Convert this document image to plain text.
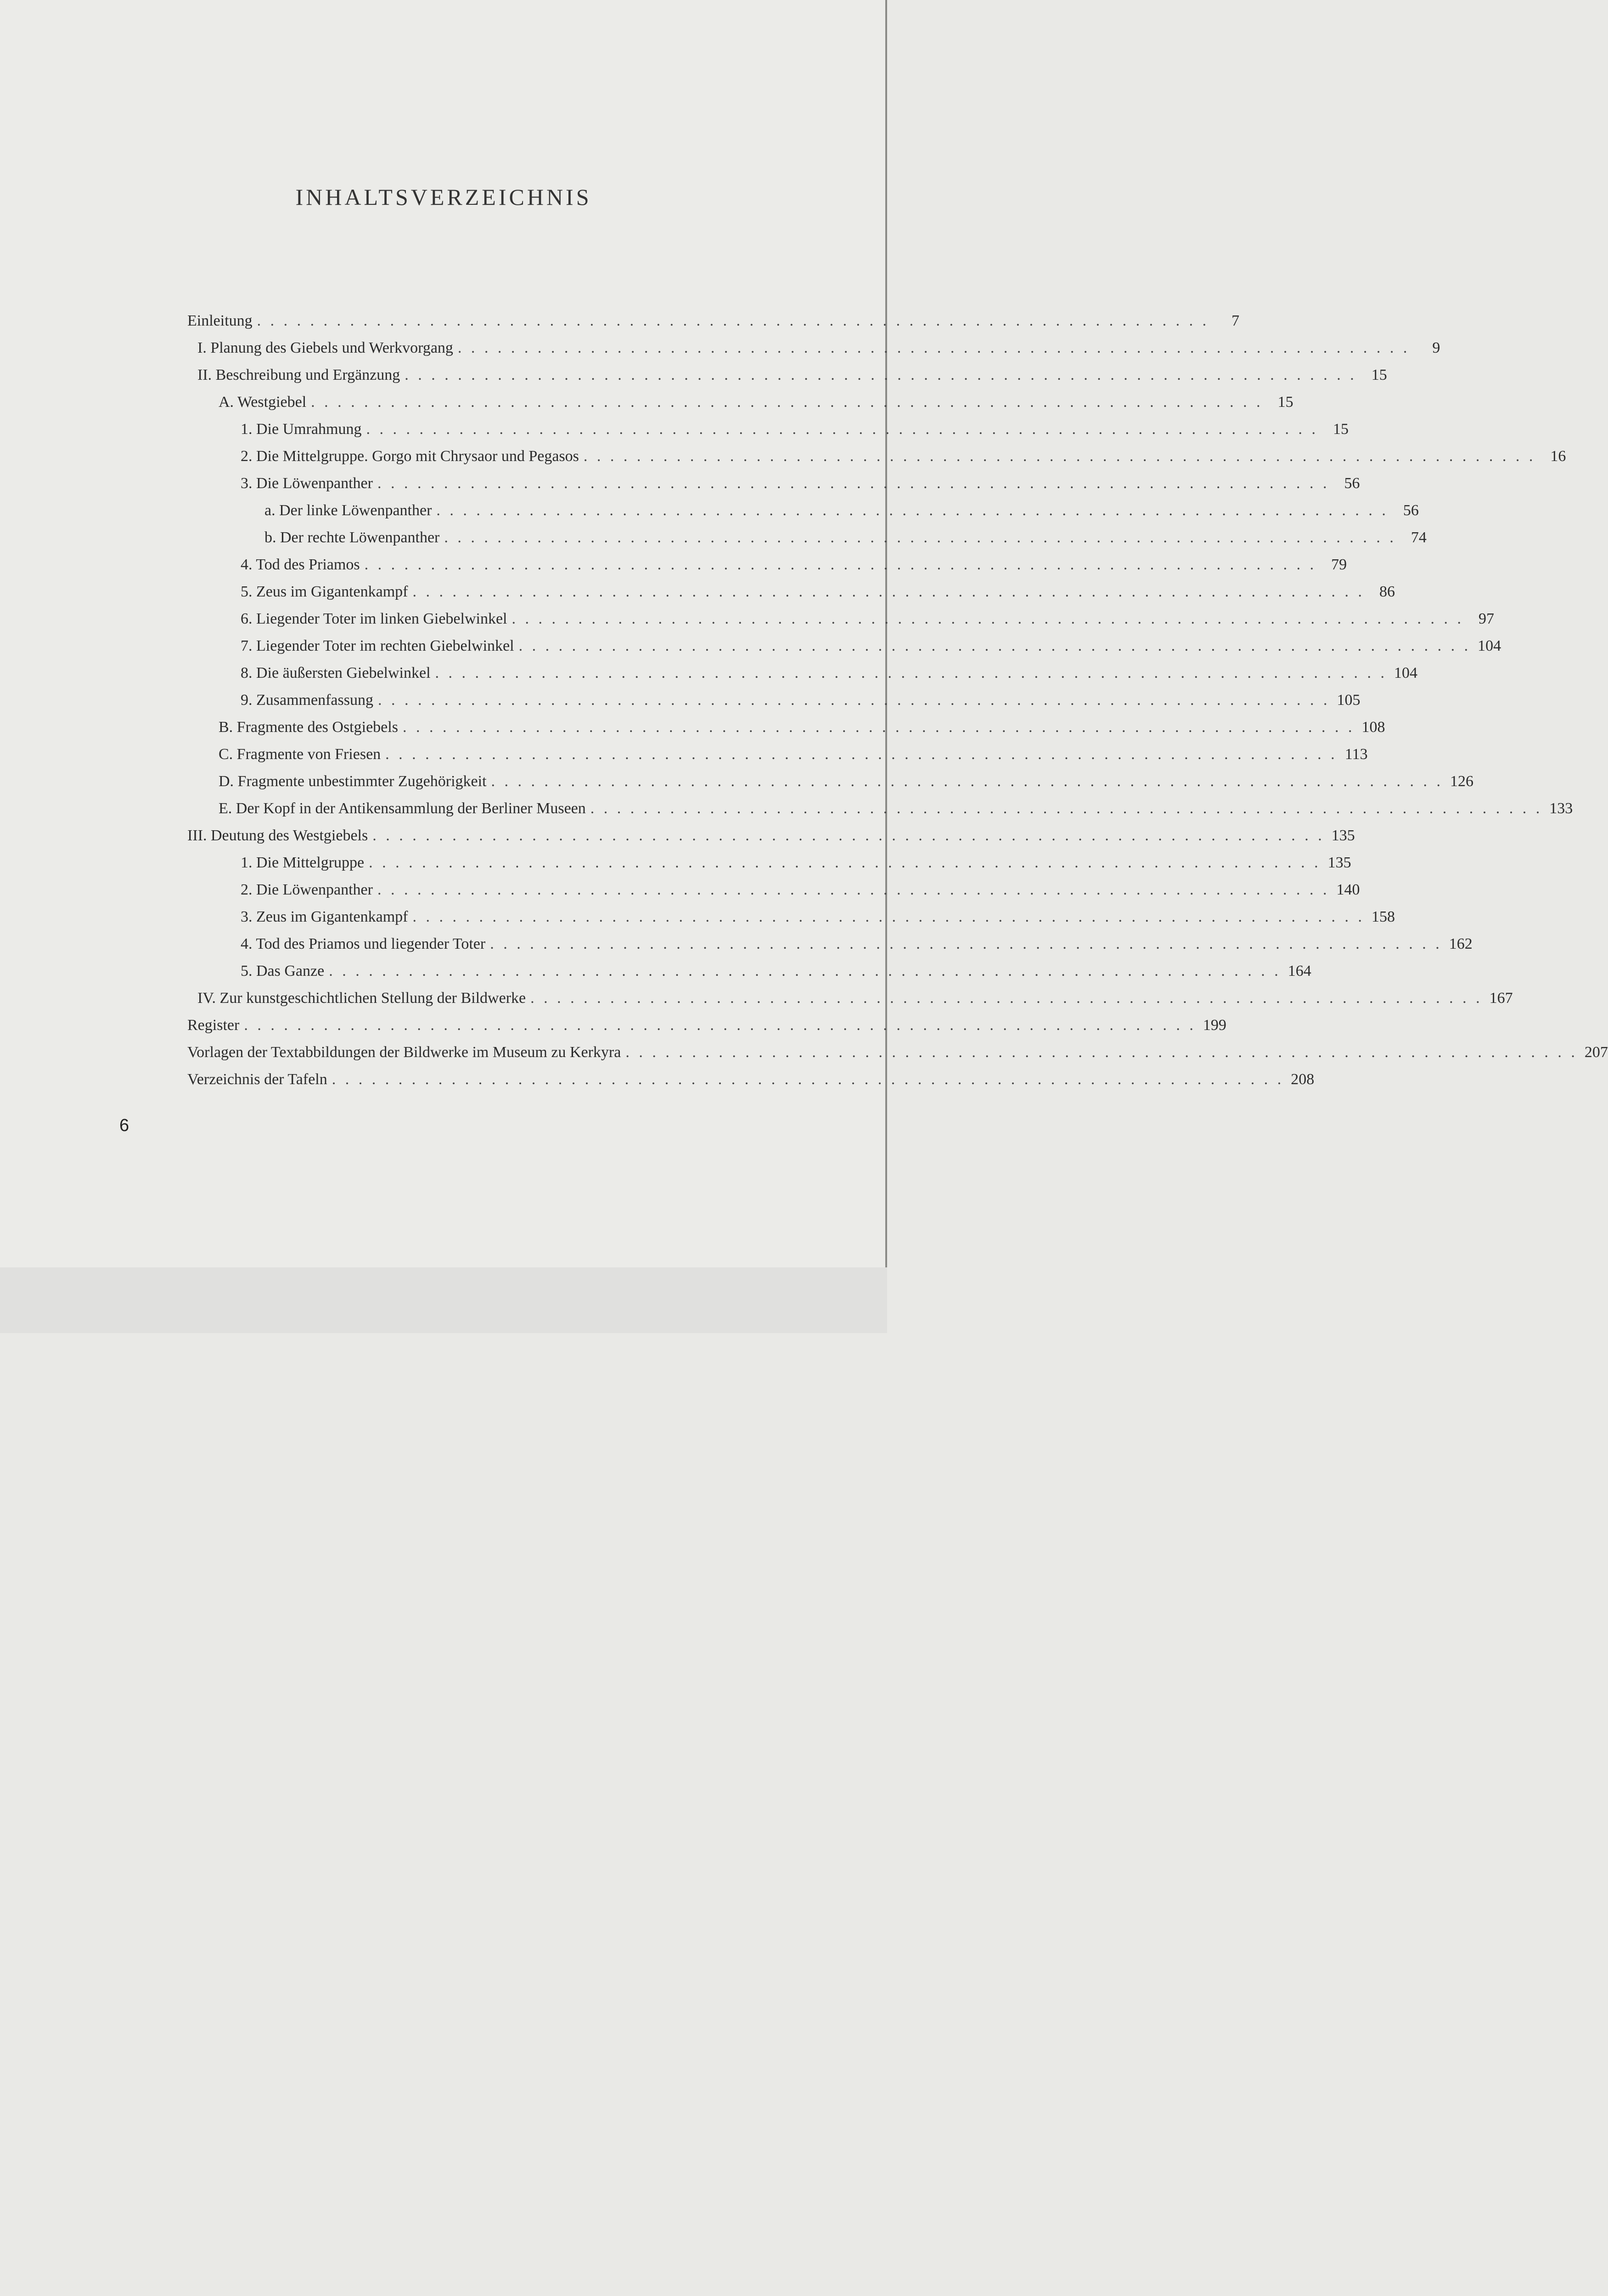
INHALTSVERZEICHNIS
Einleitung . . . . . . . . . . . . . . . . . . . . . . . . . . . . . . . . . . . . . . . . . . . . . . . . . . . . . . . . . . . . . . . . . . . . . . . .	7
I. Planung des Giebels und Werkvorgang . . . . . . . . . . . . . . . . . . . . . . . . . . . . . . . . . . . . . . . . . . . . . . . . . . . . . . . . . . . . . . . . . . . . . . . .	9
II. Beschreibung und Ergänzung . . . . . . . . . . . . . . . . . . . . . . . . . . . . . . . . . . . . . . . . . . . . . . . . . . . . . . . . . . . . . . . . . . . . . . . . 15
A. Westgiebel . . . . . . . . . . . . . . . . . . . . . . . . . . . . . . . . . . . . . . . . . . . . . . . . . . . . . . . . . . . . . . . . . . . . . . . . 15
1. Die Umrahmung . . . . . . . . . . . . . . . . . . . . . . . . . . . . . . . . . . . . . . . . . . . . . . . . . . . . . . . . . . . . . . . . . . . . . . . . 15
2. Die Mittelgruppe. Gorgo mit Chrysaor und Pegasos . . . . . . . . . . . . . . . . . . . . . . . . . . . . . . . . . . . . . . . . . . . . . . . . . . . . . . . . . . . . . . . . . . . . . . . . 16
3. Die Löwenpanther . . . . . . . . . . . . . . . . . . . . . . . . . . . . . . . . . . . . . . . . . . . . . . . . . . . . . . . . . . . . . . . . . . . . . . . . 56
a. Der linke Löwenpanther . . . . . . . . . . . . . . . . . . . . . . . . . . . . . . . . . . . . . . . . . . . . . . . . . . . . . . . . . . . . . . . . . . . . . . . . 56
b. Der rechte Löwenpanther . . . . . . . . . . . . . . . . . . . . . . . . . . . . . . . . . . . . . . . . . . . . . . . . . . . . . . . . . . . . . . . . . . . . . . . . 74
4. Tod des Priamos . . . . . . . . . . . . . . . . . . . . . . . . . . . . . . . . . . . . . . . . . . . . . . . . . . . . . . . . . . . . . . . . . . . . . . . . 79
5. Zeus im Gigantenkampf . . . . . . . . . . . . . . . . . . . . . . . . . . . . . . . . . . . . . . . . . . . . . . . . . . . . . . . . . . . . . . . . . . . . . . . . 86
6. Liegender Toter im linken Giebelwinkel . . . . . . . . . . . . . . . . . . . . . . . . . . . . . . . . . . . . . . . . . . . . . . . . . . . . . . . . . . . . . . . . . . . . . . . . 97
7. Liegender Toter im rechten Giebelwinkel . . . . . . . . . . . . . . . . . . . . . . . . . . . . . . . . . . . . . . . . . . . . . . . . . . . . . . . . . . . . . . . . . . . . . . . . 104
8. Die äußersten Giebelwinkel . . . . . . . . . . . . . . . . . . . . . . . . . . . . . . . . . . . . . . . . . . . . . . . . . . . . . . . . . . . . . . . . . . . . . . . . 104
9. Zusammenfassung . . . . . . . . . . . . . . . . . . . . . . . . . . . . . . . . . . . . . . . . . . . . . . . . . . . . . . . . . . . . . . . . . . . . . . . . 105
B. Fragmente des Ostgiebels . . . . . . . . . . . . . . . . . . . . . . . . . . . . . . . . . . . . . . . . . . . . . . . . . . . . . . . . . . . . . . . . . . . . . . . . 108
C. Fragmente von Friesen . . . . . . . . . . . . . . . . . . . . . . . . . . . . . . . . . . . . . . . . . . . . . . . . . . . . . . . . . . . . . . . . . . . . . . . . 113
D. Fragmente unbestimmter Zugehörigkeit . . . . . . . . . . . . . . . . . . . . . . . . . . . . . . . . . . . . . . . . . . . . . . . . . . . . . . . . . . . . . . . . . . . . . . . . 126
E. Der Kopf in der Antikensammlung der Berliner Museen . . . . . . . . . . . . . . . . . . . . . . . . . . . . . . . . . . . . . . . . . . . . . . . . . . . . . . . . . . . . . . . . . . . . . . . . 133
III. Deutung des Westgiebels . . . . . . . . . . . . . . . . . . . . . . . . . . . . . . . . . . . . . . . . . . . . . . . . . . . . . . . . . . . . . . . . . . . . . . . . 135
1. Die Mittelgruppe . . . . . . . . . . . . . . . . . . . . . . . . . . . . . . . . . . . . . . . . . . . . . . . . . . . . . . . . . . . . . . . . . . . . . . . . 135
2. Die Löwenpanther . . . . . . . . . . . . . . . . . . . . . . . . . . . . . . . . . . . . . . . . . . . . . . . . . . . . . . . . . . . . . . . . . . . . . . . . 140
3. Zeus im Gigantenkampf . . . . . . . . . . . . . . . . . . . . . . . . . . . . . . . . . . . . . . . . . . . . . . . . . . . . . . . . . . . . . . . . . . . . . . . . 158
4. Tod des Priamos und liegender Toter . . . . . . . . . . . . . . . . . . . . . . . . . . . . . . . . . . . . . . . . . . . . . . . . . . . . . . . . . . . . . . . . . . . . . . . . 162
5. Das Ganze . . . . . . . . . . . . . . . . . . . . . . . . . . . . . . . . . . . . . . . . . . . . . . . . . . . . . . . . . . . . . . . . . . . . . . . . 164
IV. Zur kunstgeschichtlichen Stellung der Bildwerke . . . . . . . . . . . . . . . . . . . . . . . . . . . . . . . . . . . . . . . . . . . . . . . . . . . . . . . . . . . . . . . . . . . . . . . . 167
Register . . . . . . . . . . . . . . . . . . . . . . . . . . . . . . . . . . . . . . . . . . . . . . . . . . . . . . . . . . . . . . . . . . . . . . . . 199
Vorlagen der Textabbildungen der Bildwerke im Museum zu Kerkyra . . . . . . . . . . . . . . . . . . . . . . . . . . . . . . . . . . . . . . . . . . . . . . . . . . . . . . . . . . . . . . . . . . . . . . . . 207
Verzeichnis der Tafeln . . . . . . . . . . . . . . . . . . . . . . . . . . . . . . . . . . . . . . . . . . . . . . . . . . . . . . . . . . . . . . . . . . . . . . . . 208
6
